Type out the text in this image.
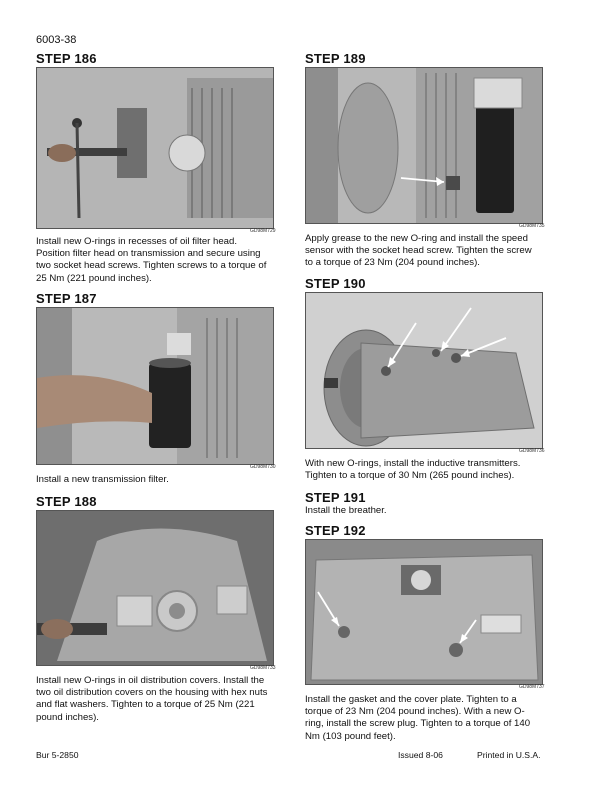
6003-38
STEP 186
GD98M729
Install new O-rings in recesses of oil filter head. Position filter head on transmission and secure using two socket head screws. Tighten screws to a torque of 25 Nm (221 pound inches).
STEP 187
GD98M730
Install a new transmission filter.
STEP 188
GD98M733
Install new O-rings in oil distribution covers. Install the two oil distribution covers on the housing with hex nuts and flat washers. Tighten to a torque of 25 Nm (221 pound inches).
STEP 189
GD98M735
Apply grease to the new O-ring and install the speed sensor with the socket head screw. Tighten the screw to a torque of 23 Nm (204 pound inches).
STEP 190
GD98M736
With new O-rings, install the inductive transmitters. Tighten to a torque of 30 Nm (265 pound inches).
STEP 191
Install the breather.
STEP 192
GD98M737
Install the gasket and the cover plate. Tighten to a torque of 23 Nm (204 pound inches). With a new O-ring, install the screw plug. Tighten to a torque of 140 Nm (103 pound feet).
Bur 5-2850	Issued 8-06	Printed in U.S.A.
